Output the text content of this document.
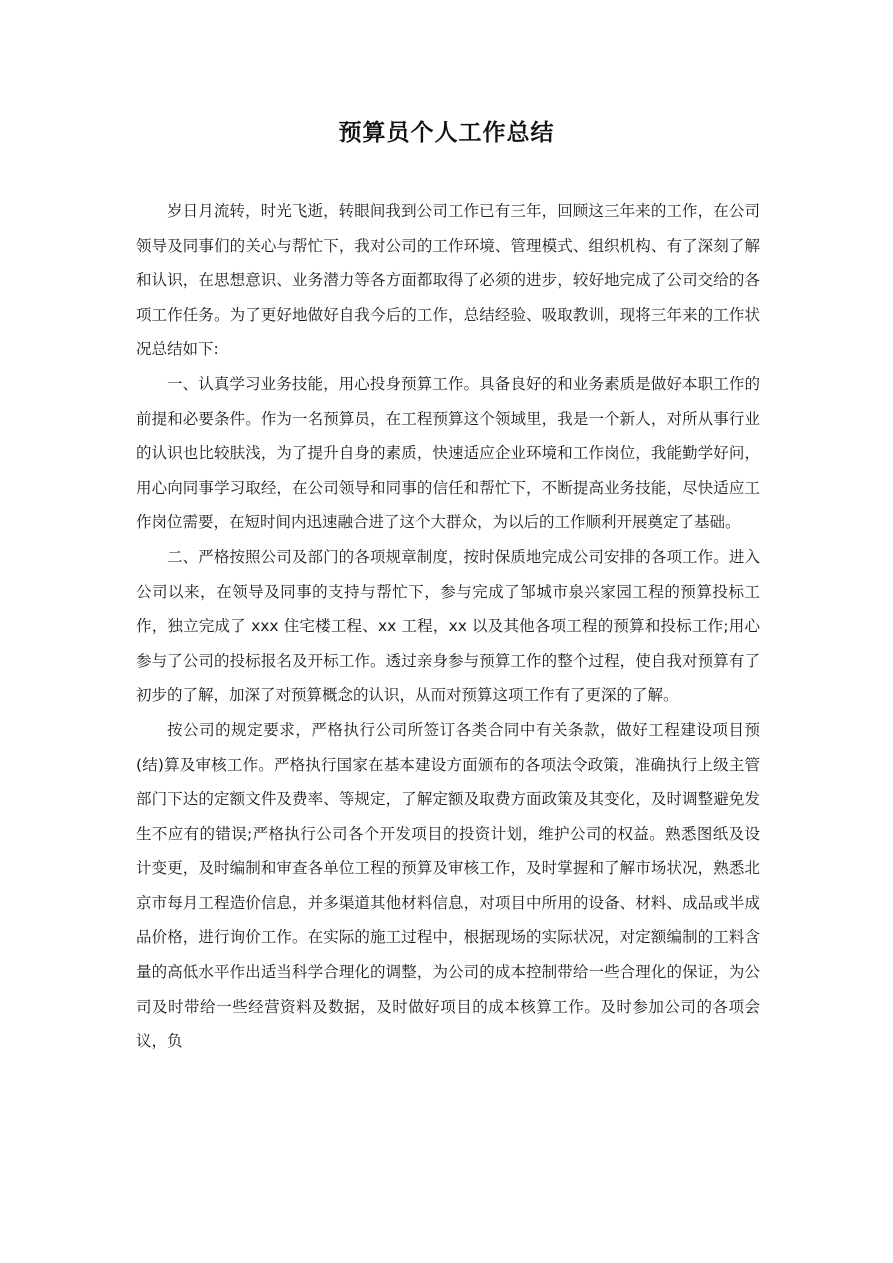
预算员个人工作总结

岁日月流转，时光飞逝，转眼间我到公司工作已有三年，回顾这三年来的工作，在公司领导及同事们的关心与帮忙下，我对公司的工作环境、管理模式、组织机构、有了深刻了解和认识，在思想意识、业务潜力等各方面都取得了必须的进步，较好地完成了公司交给的各项工作任务。为了更好地做好自我今后的工作，总结经验、吸取教训，现将三年来的工作状况总结如下:

一、认真学习业务技能，用心投身预算工作。具备良好的和业务素质是做好本职工作的前提和必要条件。作为一名预算员，在工程预算这个领域里，我是一个新人，对所从事行业的认识也比较肤浅，为了提升自身的素质，快速适应企业环境和工作岗位，我能勤学好问，用心向同事学习取经，在公司领导和同事的信任和帮忙下，不断提高业务技能，尽快适应工作岗位需要，在短时间内迅速融合进了这个大群众，为以后的工作顺利开展奠定了基础。

二、严格按照公司及部门的各项规章制度，按时保质地完成公司安排的各项工作。进入公司以来，在领导及同事的支持与帮忙下，参与完成了邹城市泉兴家园工程的预算投标工作，独立完成了 xxx 住宅楼工程、xx 工程，xx 以及其他各项工程的预算和投标工作;用心参与了公司的投标报名及开标工作。透过亲身参与预算工作的整个过程，使自我对预算有了初步的了解，加深了对预算概念的认识，从而对预算这项工作有了更深的了解。

按公司的规定要求，严格执行公司所签订各类合同中有关条款，做好工程建设项目预(结)算及审核工作。严格执行国家在基本建设方面颁布的各项法令政策，准确执行上级主管部门下达的定额文件及费率、等规定，了解定额及取费方面政策及其变化，及时调整避免发生不应有的错误;严格执行公司各个开发项目的投资计划，维护公司的权益。熟悉图纸及设计变更，及时编制和审查各单位工程的预算及审核工作，及时掌握和了解市场状况，熟悉北京市每月工程造价信息，并多渠道其他材料信息，对项目中所用的设备、材料、成品或半成品价格，进行询价工作。在实际的施工过程中，根据现场的实际状况，对定额编制的工料含量的高低水平作出适当科学合理化的调整，为公司的成本控制带给一些合理化的保证，为公司及时带给一些经营资料及数据，及时做好项目的成本核算工作。及时参加公司的各项会议，负
